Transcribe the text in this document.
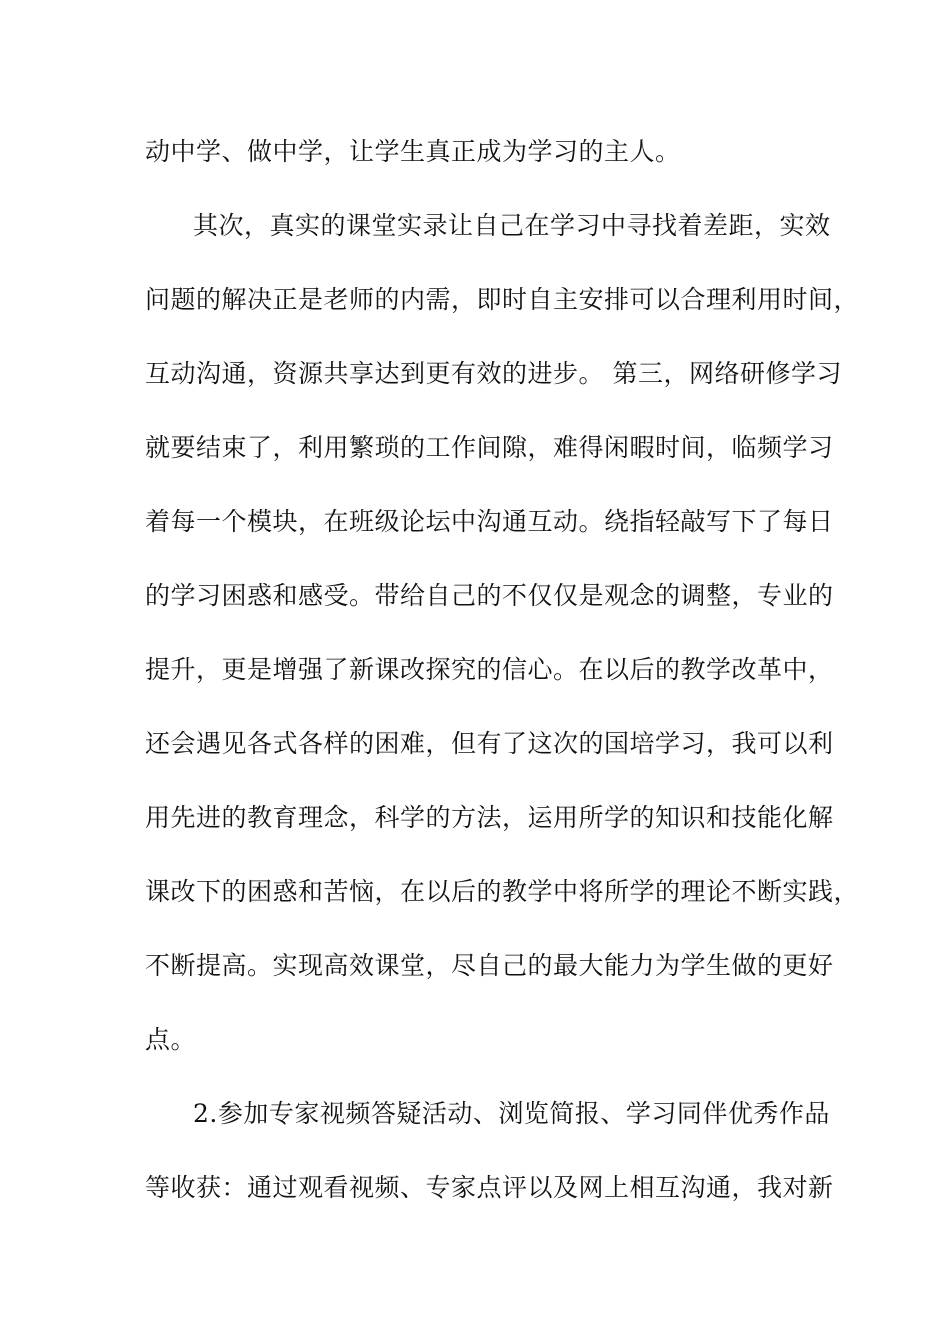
动中学、做中学，让学生真正成为学习的主人。
其次，真实的课堂实录让自己在学习中寻找着差距，实效
问题的解决正是老师的内需，即时自主安排可以合理利用时间，
互动沟通，资源共享达到更有效的进步。 第三，网络研修学习
就要结束了，利用繁琐的工作间隙，难得闲暇时间，临频学习
着每一个模块，在班级论坛中沟通互动。绕指轻敲写下了每日
的学习困惑和感受。带给自己的不仅仅是观念的调整，专业的
提升，更是增强了新课改探究的信心。在以后的教学改革中，
还会遇见各式各样的困难，但有了这次的国培学习，我可以利
用先进的教育理念，科学的方法，运用所学的知识和技能化解
课改下的困惑和苦恼，在以后的教学中将所学的理论不断实践，
不断提高。实现高效课堂，尽自己的最大能力为学生做的更好
点。
2.参加专家视频答疑活动、浏览简报、学习同伴优秀作品
等收获：通过观看视频、专家点评以及网上相互沟通，我对新
